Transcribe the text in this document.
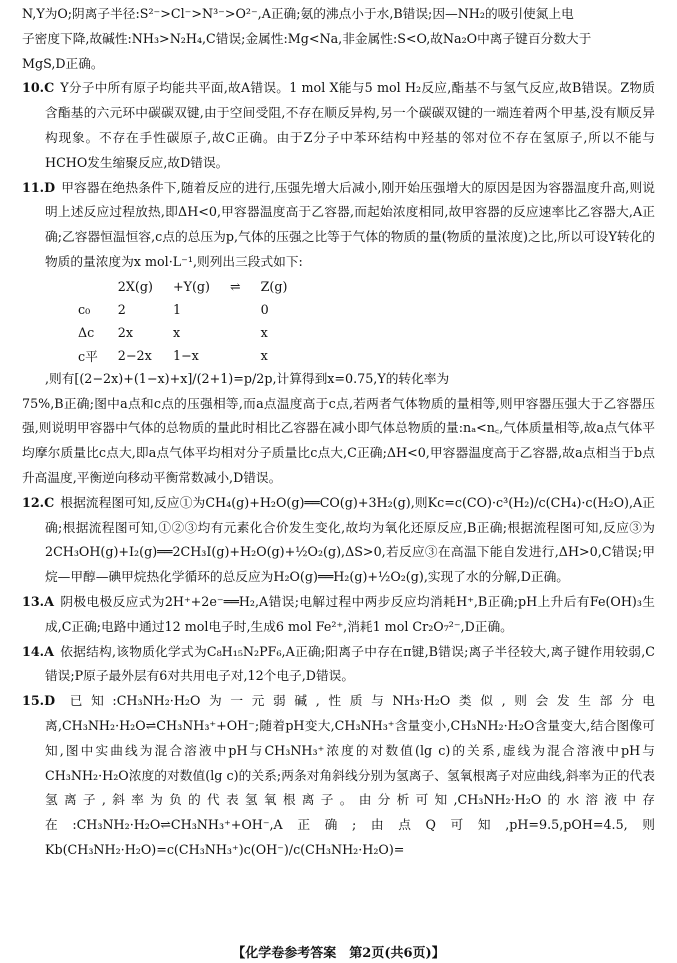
N,Y为O;阴离子半径:S²⁻>Cl⁻>N³⁻>O²⁻,A正确;氨的沸点小于水,B错误;因—NH₂的吸引使氮上电

子密度下降,故碱性:NH₃>N₂H₄,C错误;金属性:Mg<Na,非金属性:S<O,故Na₂O中离子键百分数大于

MgS,D正确。

10.C Y分子中所有原子均能共平面,故A错误。1 mol X能与5 mol H₂反应,酯基不与氢气反应,故B错误。Z物质含酯基的六元环中碳碳双键,由于空间受阻,不存在顺反异构,另一个碳碳双键的一端连着两个甲基,没有顺反异构现象。不存在手性碳原子,故C正确。由于Z分子中苯环结构中羟基的邻对位不存在氢原子,所以不能与HCHO发生缩聚反应,故D错误。

11.D 甲容器在绝热条件下,随着反应的进行,压强先增大后减小,刚开始压强增大的原因是因为容器温度升高,则说明上述反应过程放热,即ΔH<0,甲容器温度高于乙容器,而起始浓度相同,故甲容器的反应速率比乙容器大,A正确;乙容器恒温恒容,c点的总压为p,气体的压强之比等于气体的物质的量(物质的量浓度)之比,所以可设Y转化的物质的量浓度为x mol·L⁻¹,则列出三段式如下:

	2X(g)	+Y(g)	⇌	Z(g)
c₀	2	1		0
Δc	2x	x		x
c平	2−2x	1−x		x

,则有[(2−2x)+(1−x)+x]/(2+1)=p/2p,计算得到x=0.75,Y的转化率为

75%,B正确;图中a点和c点的压强相等,而a点温度高于c点,若两者气体物质的量相等,则甲容器压强大于乙容器压强,则说明甲容器中气体的总物质的量此时相比乙容器在减小即气体总物质的量:nₐ<n꜀,气体质量相等,故a点气体平均摩尔质量比c点大,即a点气体平均相对分子质量比c点大,C正确;ΔH<0,甲容器温度高于乙容器,故a点相当于b点升高温度,平衡逆向移动平衡常数减小,D错误。

12.C 根据流程图可知,反应①为CH₄(g)+H₂O(g)══CO(g)+3H₂(g),则Kc=c(CO)·c³(H₂)/c(CH₄)·c(H₂O),A正确;根据流程图可知,①②③均有元素化合价发生变化,故均为氧化还原反应,B正确;根据流程图可知,反应③为2CH₃OH(g)+I₂(g)══2CH₃I(g)+H₂O(g)+½O₂(g),ΔS>0,若反应③在高温下能自发进行,ΔH>0,C错误;甲烷—甲醇—碘甲烷热化学循环的总反应为H₂O(g)══H₂(g)+½O₂(g),实现了水的分解,D正确。

13.A 阴极电极反应式为2H⁺+2e⁻══H₂,A错误;电解过程中两步反应均消耗H⁺,B正确;pH上升后有Fe(OH)₃生成,C正确;电路中通过12 mol电子时,生成6 mol Fe²⁺,消耗1 mol Cr₂O₇²⁻,D正确。

14.A 依据结构,该物质化学式为C₈H₁₅N₂PF₆,A正确;阳离子中存在π键,B错误;离子半径较大,离子键作用较弱,C错误;P原子最外层有6对共用电子对,12个电子,D错误。

15.D 已知:CH₃NH₂·H₂O为一元弱碱,性质与NH₃·H₂O类似,则会发生部分电离,CH₃NH₂·H₂O⇌CH₃NH₃⁺+OH⁻;随着pH变大,CH₃NH₃⁺含量变小,CH₃NH₂·H₂O含量变大,结合图像可知,图中实曲线为混合溶液中pH与CH₃NH₃⁺浓度的对数值(lg c)的关系,虚线为混合溶液中pH与CH₃NH₂·H₂O浓度的对数值(lg c)的关系;两条对角斜线分别为氢离子、氢氧根离子对应曲线,斜率为正的代表氢离子,斜率为负的代表氢氧根离子。由分析可知,CH₃NH₂·H₂O的水溶液中存在:CH₃NH₂·H₂O⇌CH₃NH₃⁺+OH⁻,A正确;由点Q可知,pH=9.5,pOH=4.5,则Kb(CH₃NH₂·H₂O)=c(CH₃NH₃⁺)c(OH⁻)/c(CH₃NH₂·H₂O)=

【化学卷参考答案　第2页(共6页)】
